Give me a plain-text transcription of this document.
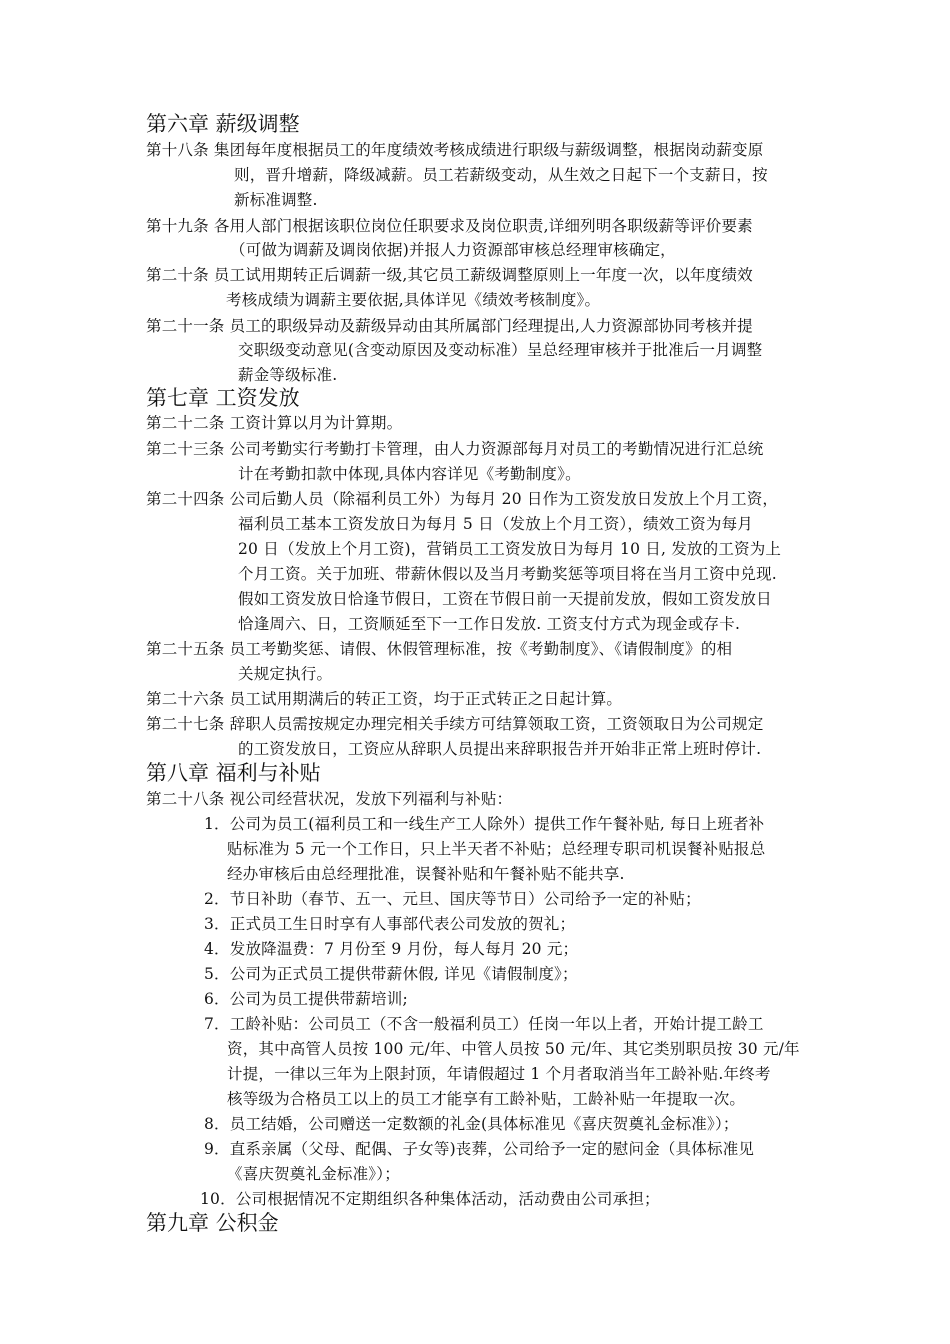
第六章 薪级调整
第十八条 集团每年度根据员工的年度绩效考核成绩进行职级与薪级调整，根据岗动薪变原
则，晋升增薪，降级减薪。员工若薪级变动，从生效之日起下一个支薪日，按
新标准调整.
第十九条 各用人部门根据该职位岗位任职要求及岗位职责,详细列明各职级薪等评价要素
（可做为调薪及调岗依据)并报人力资源部审核总经理审核确定，
第二十条 员工试用期转正后调薪一级,其它员工薪级调整原则上一年度一次，以年度绩效
考核成绩为调薪主要依据,具体详见《绩效考核制度》。
第二十一条 员工的职级异动及薪级异动由其所属部门经理提出,人力资源部协同考核并提
交职级变动意见(含变动原因及变动标准）呈总经理审核并于批准后一月调整
薪金等级标准.
第七章 工资发放
第二十二条 工资计算以月为计算期。
第二十三条 公司考勤实行考勤打卡管理，由人力资源部每月对员工的考勤情况进行汇总统
计在考勤扣款中体现,具体内容详见《考勤制度》。
第二十四条 公司后勤人员（除福利员工外）为每月 20 日作为工资发放日发放上个月工资，
福利员工基本工资发放日为每月 5 日（发放上个月工资），绩效工资为每月
20 日（发放上个月工资)，营销员工工资发放日为每月 10 日, 发放的工资为上
个月工资。关于加班、带薪休假以及当月考勤奖惩等项目将在当月工资中兑现.
假如工资发放日恰逢节假日，工资在节假日前一天提前发放，假如工资发放日
恰逢周六、日，工资顺延至下一工作日发放. 工资支付方式为现金或存卡.
第二十五条 员工考勤奖惩、请假、休假管理标准，按《考勤制度》、《请假制度》的相
关规定执行。
第二十六条 员工试用期满后的转正工资，均于正式转正之日起计算。
第二十七条 辞职人员需按规定办理完相关手续方可结算领取工资，工资领取日为公司规定
的工资发放日，工资应从辞职人员提出来辞职报告并开始非正常上班时停计.
第八章 福利与补贴
第二十八条 视公司经营状况，发放下列福利与补贴：
1．公司为员工(福利员工和一线生产工人除外）提供工作午餐补贴, 每日上班者补
贴标准为 5 元一个工作日，只上半天者不补贴；总经理专职司机误餐补贴报总
经办审核后由总经理批准，误餐补贴和午餐补贴不能共享.
2．节日补助（春节、五一、元旦、国庆等节日）公司给予一定的补贴；
3．正式员工生日时享有人事部代表公司发放的贺礼；
4．发放降温费：7 月份至 9 月份，每人每月 20 元；
5．公司为正式员工提供带薪休假, 详见《请假制度》；
6．公司为员工提供带薪培训;
7．工龄补贴：公司员工（不含一般福利员工）任岗一年以上者，开始计提工龄工
资，其中高管人员按 100 元/年、中管人员按 50 元/年、其它类别职员按 30 元/年
计提，一律以三年为上限封顶，年请假超过 1 个月者取消当年工龄补贴.年终考
核等级为合格员工以上的员工才能享有工龄补贴，工龄补贴一年提取一次。
8．员工结婚，公司赠送一定数额的礼金(具体标准见《喜庆贺奠礼金标准》）；
9．直系亲属（父母、配偶、子女等)丧葬，公司给予一定的慰问金（具体标准见
《喜庆贺奠礼金标准》）；
10．公司根据情况不定期组织各种集体活动，活动费由公司承担；
第九章 公积金
